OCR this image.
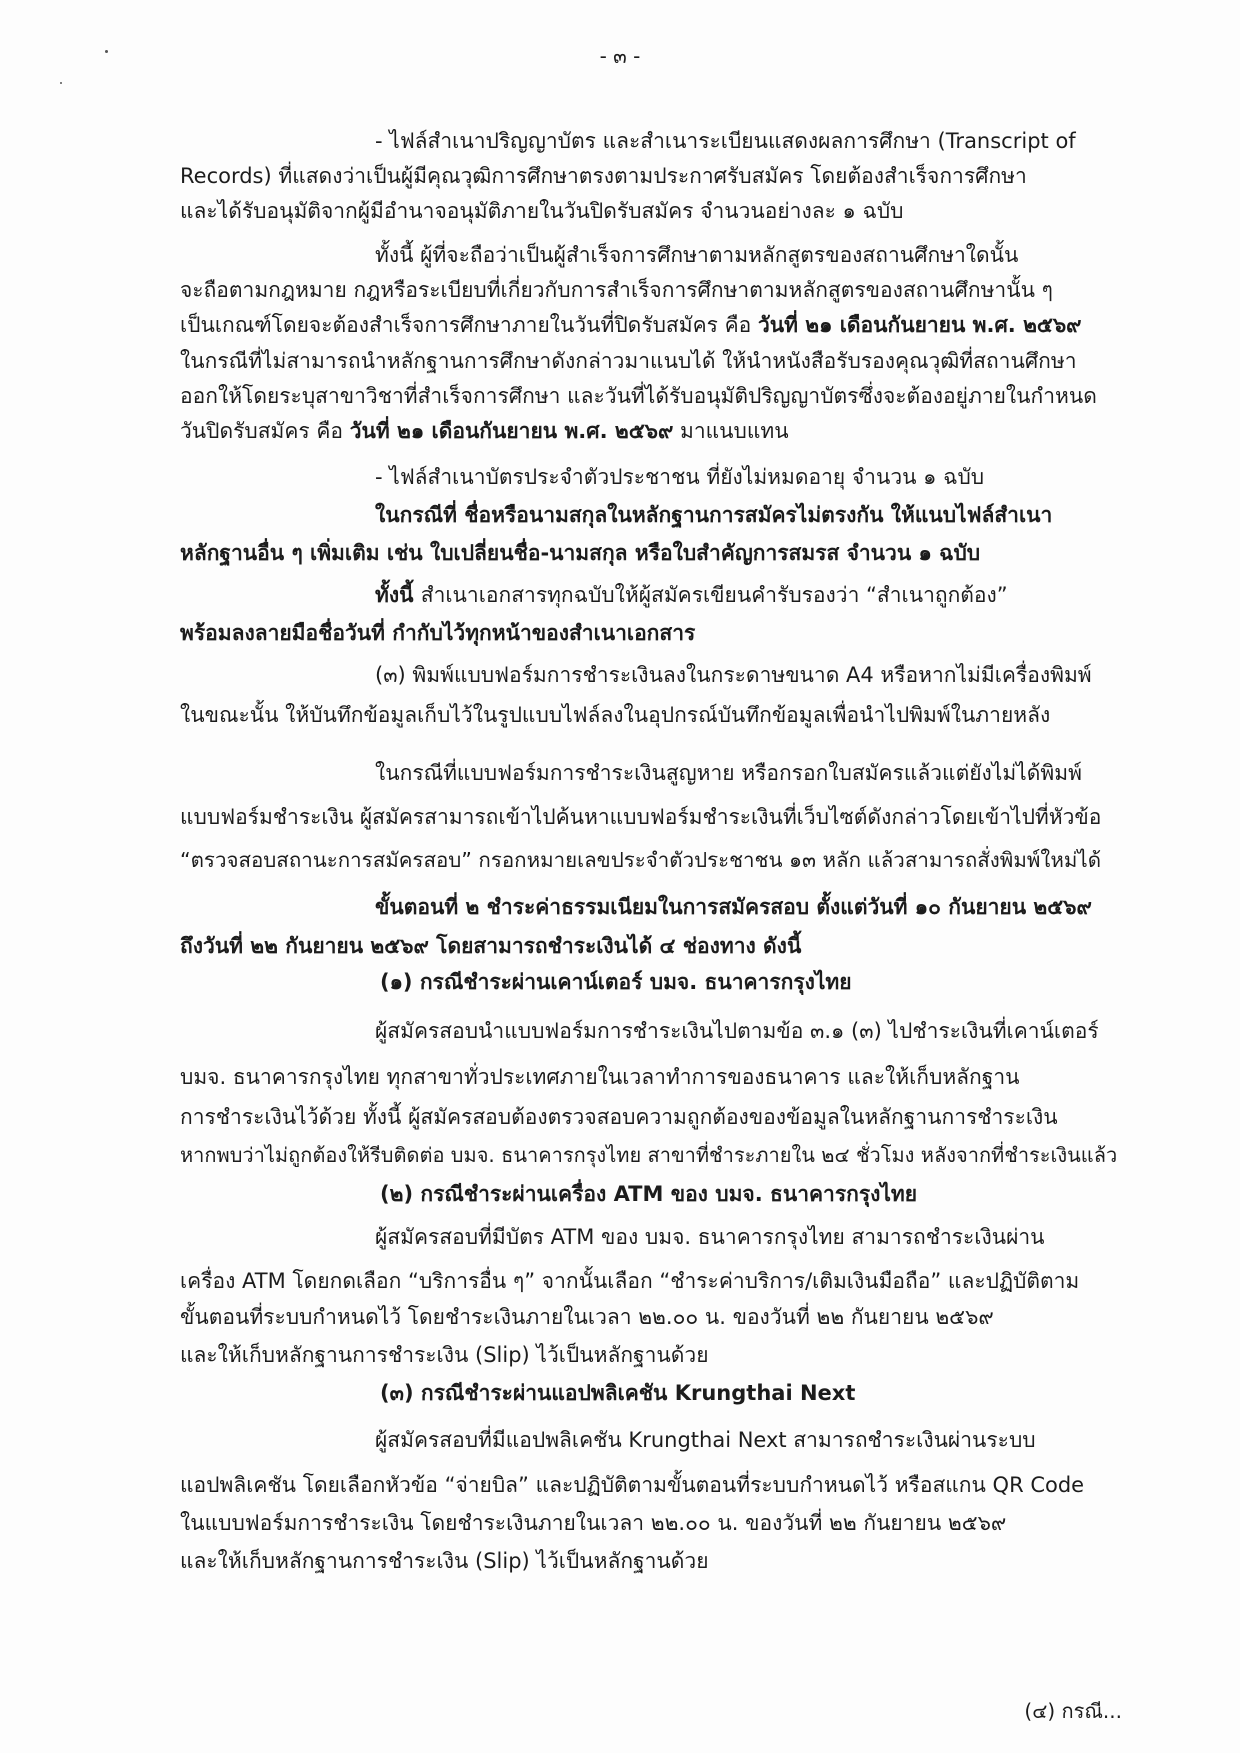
- ๓ -
- ไฟล์สำเนาปริญญาบัตร และสำเนาระเบียนแสดงผลการศึกษา (Transcript of
Records) ที่แสดงว่าเป็นผู้มีคุณวุฒิการศึกษาตรงตามประกาศรับสมัคร โดยต้องสำเร็จการศึกษา
และได้รับอนุมัติจากผู้มีอำนาจอนุมัติภายในวันปิดรับสมัคร จำนวนอย่างละ ๑ ฉบับ
ทั้งนี้ ผู้ที่จะถือว่าเป็นผู้สำเร็จการศึกษาตามหลักสูตรของสถานศึกษาใดนั้น
จะถือตามกฎหมาย กฎหรือระเบียบที่เกี่ยวกับการสำเร็จการศึกษาตามหลักสูตรของสถานศึกษานั้น ๆ
เป็นเกณฑ์โดยจะต้องสำเร็จการศึกษาภายในวันที่ปิดรับสมัคร คือ วันที่ ๒๑ เดือนกันยายน พ.ศ. ๒๕๖๙
ในกรณีที่ไม่สามารถนำหลักฐานการศึกษาดังกล่าวมาแนบได้ ให้นำหนังสือรับรองคุณวุฒิที่สถานศึกษา
ออกให้โดยระบุสาขาวิชาที่สำเร็จการศึกษา และวันที่ได้รับอนุมัติปริญญาบัตรซึ่งจะต้องอยู่ภายในกำหนด
วันปิดรับสมัคร คือ วันที่ ๒๑ เดือนกันยายน พ.ศ. ๒๕๖๙ มาแนบแทน
- ไฟล์สำเนาบัตรประจำตัวประชาชน ที่ยังไม่หมดอายุ จำนวน ๑ ฉบับ
ในกรณีที่ ชื่อหรือนามสกุลในหลักฐานการสมัครไม่ตรงกัน ให้แนบไฟล์สำเนา
หลักฐานอื่น ๆ เพิ่มเติม เช่น ใบเปลี่ยนชื่อ-นามสกุล หรือใบสำคัญการสมรส จำนวน ๑ ฉบับ
ทั้งนี้ สำเนาเอกสารทุกฉบับให้ผู้สมัครเขียนคำรับรองว่า “สำเนาถูกต้อง”
พร้อมลงลายมือชื่อวันที่ กำกับไว้ทุกหน้าของสำเนาเอกสาร
(๓) พิมพ์แบบฟอร์มการชำระเงินลงในกระดาษขนาด A4 หรือหากไม่มีเครื่องพิมพ์
ในขณะนั้น ให้บันทึกข้อมูลเก็บไว้ในรูปแบบไฟล์ลงในอุปกรณ์บันทึกข้อมูลเพื่อนำไปพิมพ์ในภายหลัง
ในกรณีที่แบบฟอร์มการชำระเงินสูญหาย หรือกรอกใบสมัครแล้วแต่ยังไม่ได้พิมพ์
แบบฟอร์มชำระเงิน ผู้สมัครสามารถเข้าไปค้นหาแบบฟอร์มชำระเงินที่เว็บไซต์ดังกล่าวโดยเข้าไปที่หัวข้อ
“ตรวจสอบสถานะการสมัครสอบ” กรอกหมายเลขประจำตัวประชาชน ๑๓ หลัก แล้วสามารถสั่งพิมพ์ใหม่ได้
ขั้นตอนที่ ๒ ชำระค่าธรรมเนียมในการสมัครสอบ ตั้งแต่วันที่ ๑๐ กันยายน ๒๕๖๙
ถึงวันที่ ๒๒ กันยายน ๒๕๖๙ โดยสามารถชำระเงินได้ ๔ ช่องทาง ดังนี้
(๑) กรณีชำระผ่านเคาน์เตอร์ บมจ. ธนาคารกรุงไทย
ผู้สมัครสอบนำแบบฟอร์มการชำระเงินไปตามข้อ ๓.๑ (๓) ไปชำระเงินที่เคาน์เตอร์
บมจ. ธนาคารกรุงไทย ทุกสาขาทั่วประเทศภายในเวลาทำการของธนาคาร และให้เก็บหลักฐาน
การชำระเงินไว้ด้วย ทั้งนี้ ผู้สมัครสอบต้องตรวจสอบความถูกต้องของข้อมูลในหลักฐานการชำระเงิน
หากพบว่าไม่ถูกต้องให้รีบติดต่อ บมจ. ธนาคารกรุงไทย สาขาที่ชำระภายใน ๒๔ ชั่วโมง หลังจากที่ชำระเงินแล้ว
(๒) กรณีชำระผ่านเครื่อง ATM ของ บมจ. ธนาคารกรุงไทย
ผู้สมัครสอบที่มีบัตร ATM ของ บมจ. ธนาคารกรุงไทย สามารถชำระเงินผ่าน
เครื่อง ATM โดยกดเลือก “บริการอื่น ๆ” จากนั้นเลือก “ชำระค่าบริการ/เติมเงินมือถือ” และปฏิบัติตาม
ขั้นตอนที่ระบบกำหนดไว้ โดยชำระเงินภายในเวลา ๒๒.๐๐ น. ของวันที่ ๒๒ กันยายน ๒๕๖๙
และให้เก็บหลักฐานการชำระเงิน (Slip) ไว้เป็นหลักฐานด้วย
(๓) กรณีชำระผ่านแอปพลิเคชัน Krungthai Next
ผู้สมัครสอบที่มีแอปพลิเคชัน Krungthai Next สามารถชำระเงินผ่านระบบ
แอปพลิเคชัน โดยเลือกหัวข้อ “จ่ายบิล” และปฏิบัติตามขั้นตอนที่ระบบกำหนดไว้ หรือสแกน QR Code
ในแบบฟอร์มการชำระเงิน โดยชำระเงินภายในเวลา ๒๒.๐๐ น. ของวันที่ ๒๒ กันยายน ๒๕๖๙
และให้เก็บหลักฐานการชำระเงิน (Slip) ไว้เป็นหลักฐานด้วย
(๔) กรณี...
